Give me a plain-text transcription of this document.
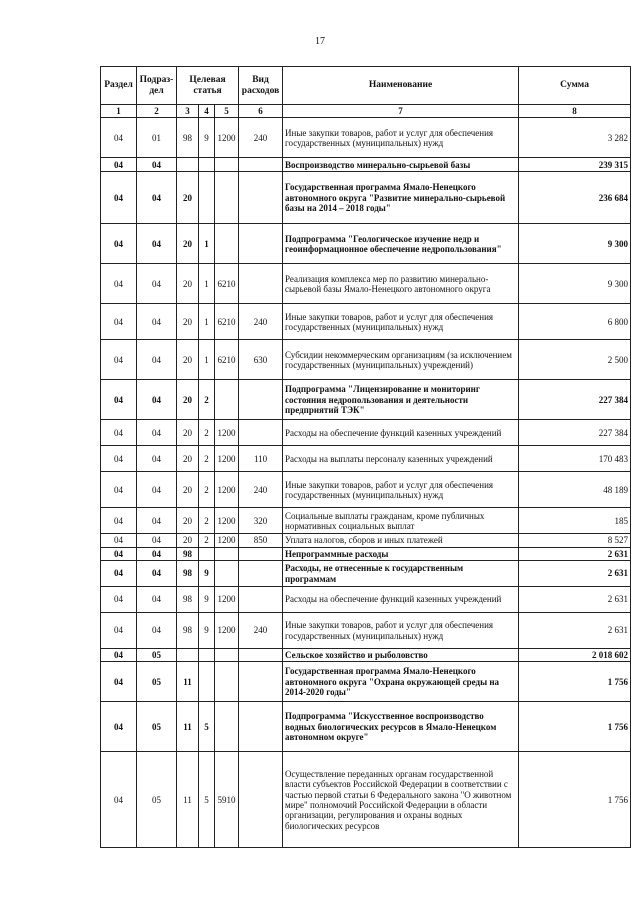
17
Раздел	Подраз-дел	Целевая статья			Вид расходов	Наименование	Сумма
1	2	3	4	5	6	7	8
04	01	98	9	1200	240	Иные закупки товаров, работ и услуг для обеспечения государственных (муниципальных) нужд	3 282
04	04					Воспроизводство минерально-сырьевой базы	239 315
04	04	20				Государственная программа Ямало-Ненецкого автономного округа "Развитие минерально-сырьевой базы на 2014 – 2018 годы"	236 684
04	04	20	1			Подпрограмма "Геологическое изучение недр и геоинформационное обеспечение недропользования"	9 300
04	04	20	1	6210		Реализация комплекса мер по развитию минерально-сырьевой базы Ямало-Ненецкого автономного округа	9 300
04	04	20	1	6210	240	Иные закупки товаров, работ и услуг для обеспечения государственных (муниципальных) нужд	6 800
04	04	20	1	6210	630	Субсидии некоммерческим организациям (за исключением государственных (муниципальных) учреждений)	2 500
04	04	20	2			Подпрограмма "Лицензирование и мониторинг состояния недропользования и деятельности предприятий ТЭК"	227 384
04	04	20	2	1200		Расходы на обеспечение функций казенных учреждений	227 384
04	04	20	2	1200	110	Расходы на выплаты персоналу казенных учреждений	170 483
04	04	20	2	1200	240	Иные закупки товаров, работ и услуг для обеспечения государственных (муниципальных) нужд	48 189
04	04	20	2	1200	320	Социальные выплаты гражданам, кроме публичных нормативных социальных выплат	185
04	04	20	2	1200	850	Уплата налогов, сборов и иных платежей	8 527
04	04	98				Непрограммные расходы	2 631
04	04	98	9			Расходы, не отнесенные к государственным программам	2 631
04	04	98	9	1200		Расходы на обеспечение функций казенных учреждений	2 631
04	04	98	9	1200	240	Иные закупки товаров, работ и услуг для обеспечения государственных (муниципальных) нужд	2 631
04	05					Сельское хозяйство и рыболовство	2 018 602
04	05	11				Государственная программа Ямало-Ненецкого автономного округа "Охрана окружающей среды на 2014-2020 годы"	1 756
04	05	11	5			Подпрограмма "Искусственное воспроизводство водных биологических ресурсов в Ямало-Ненецком автономном округе"	1 756
04	05	11	5	5910		Осуществление переданных органам государственной власти субъектов Российской Федерации в соответствии с частью первой статьи 6 Федерального закона "О животном мире" полномочий Российской Федерации в области организации, регулирования и охраны водных биологических ресурсов	1 756
